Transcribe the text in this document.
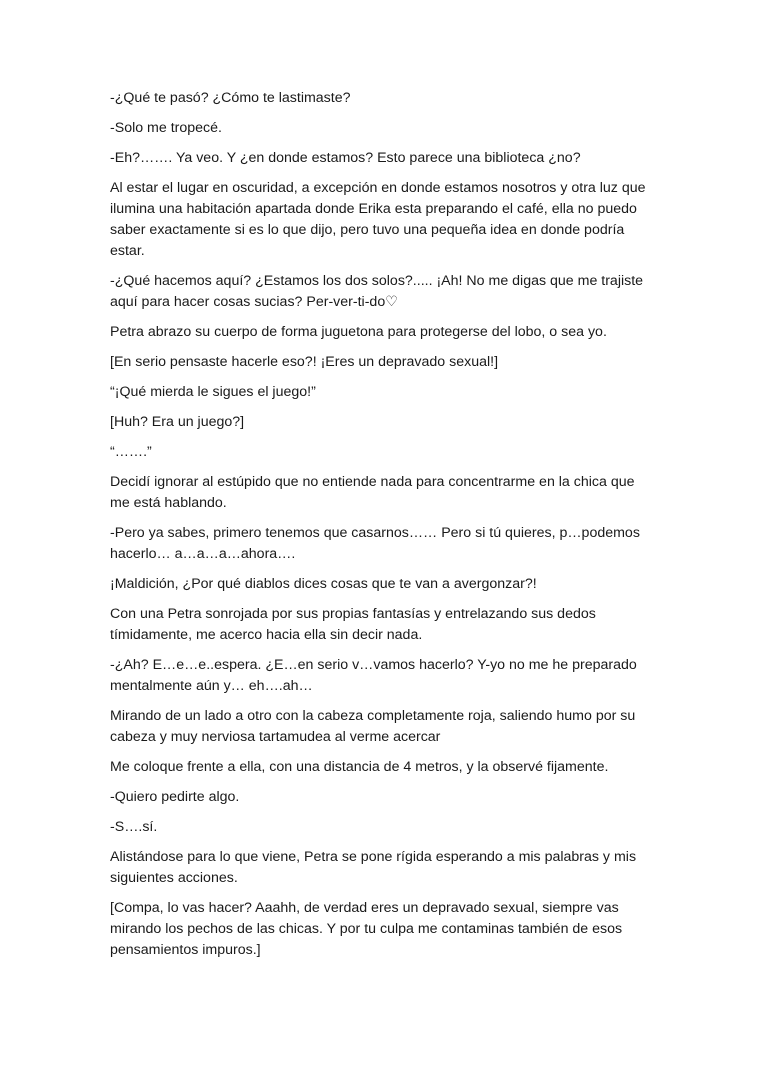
-¿Qué te pasó? ¿Cómo te lastimaste?

-Solo me tropecé.

-Eh?……. Ya veo. Y ¿en donde estamos? Esto parece una biblioteca ¿no?

Al estar el lugar en oscuridad, a excepción en donde estamos nosotros y otra luz que ilumina una habitación apartada donde Erika esta preparando el café, ella no puedo saber exactamente si es lo que dijo, pero tuvo una pequeña idea en donde podría estar.

-¿Qué hacemos aquí? ¿Estamos los dos solos?..... ¡Ah! No me digas que me trajiste aquí para hacer cosas sucias? Per-ver-ti-do♡

Petra abrazo su cuerpo de forma juguetona para protegerse del lobo, o sea yo.

[En serio pensaste hacerle eso?! ¡Eres un depravado sexual!]

“¡Qué mierda le sigues el juego!”

[Huh? Era un juego?]

“…….”

Decidí ignorar al estúpido que no entiende nada para concentrarme en la chica que me está hablando.

-Pero ya sabes, primero tenemos que casarnos…… Pero si tú quieres, p…podemos hacerlo… a…a…a…ahora….

¡Maldición, ¿Por qué diablos dices cosas que te van a avergonzar?!

Con una Petra sonrojada por sus propias fantasías y entrelazando sus dedos tímidamente, me acerco hacia ella sin decir nada.

-¿Ah? E…e…e..espera. ¿E…en serio v…vamos hacerlo? Y-yo no me he preparado mentalmente aún y… eh….ah…

Mirando de un lado a otro con la cabeza completamente roja, saliendo humo por su cabeza y muy nerviosa tartamudea al verme acercar

Me coloque frente a ella, con una distancia de 4 metros, y la observé fijamente.

-Quiero pedirte algo.

-S….sí.

Alistándose para lo que viene, Petra se pone rígida esperando a mis palabras y mis siguientes acciones.

[Compa, lo vas hacer? Aaahh, de verdad eres un depravado sexual, siempre vas mirando los pechos de las chicas. Y por tu culpa me contaminas también de esos pensamientos impuros.]
